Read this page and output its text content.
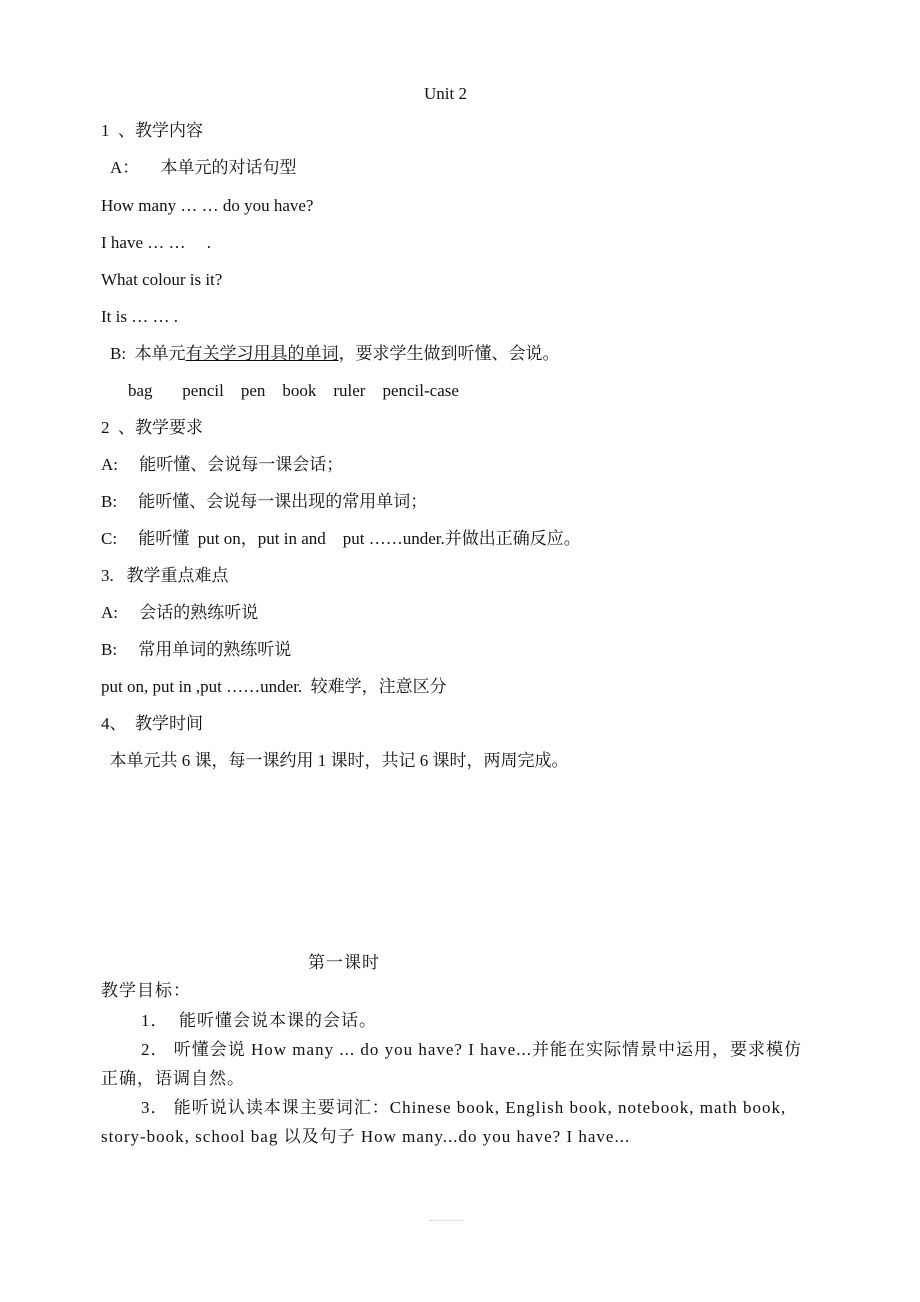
Unit 2
1  、教学内容
A：     本单元的对话句型
How many … … do you have?
I have … …     .
What colour is it?
It is … … .
B:  本单元有关学习用具的单词，要求学生做到听懂、会说。
bag       pencil    pen    book    ruler    pencil-case
2  、教学要求
A:     能听懂、会说每一课会话；
B:     能听懂、会说每一课出现的常用单词；
C:     能听懂  put on，put in and    put ……under.并做出正确反应。
3.   教学重点难点
A:     会话的熟练听说
B:     常用单词的熟练听说
put on, put in ,put ……under.  较难学，注意区分
4、  教学时间
本单元共 6 课，每一课约用 1 课时，共记 6 课时，两周完成。
第一课时
教学目标：
1．  能听懂会说本课的会话。
2． 听懂会说 How many ... do you have? I have...并能在实际情景中运用，要求模仿正确，语调自然。
3． 能听说认读本课主要词汇：Chinese book, English book, notebook, math book, story-book, school bag 以及句子 How many...do you have? I have...
